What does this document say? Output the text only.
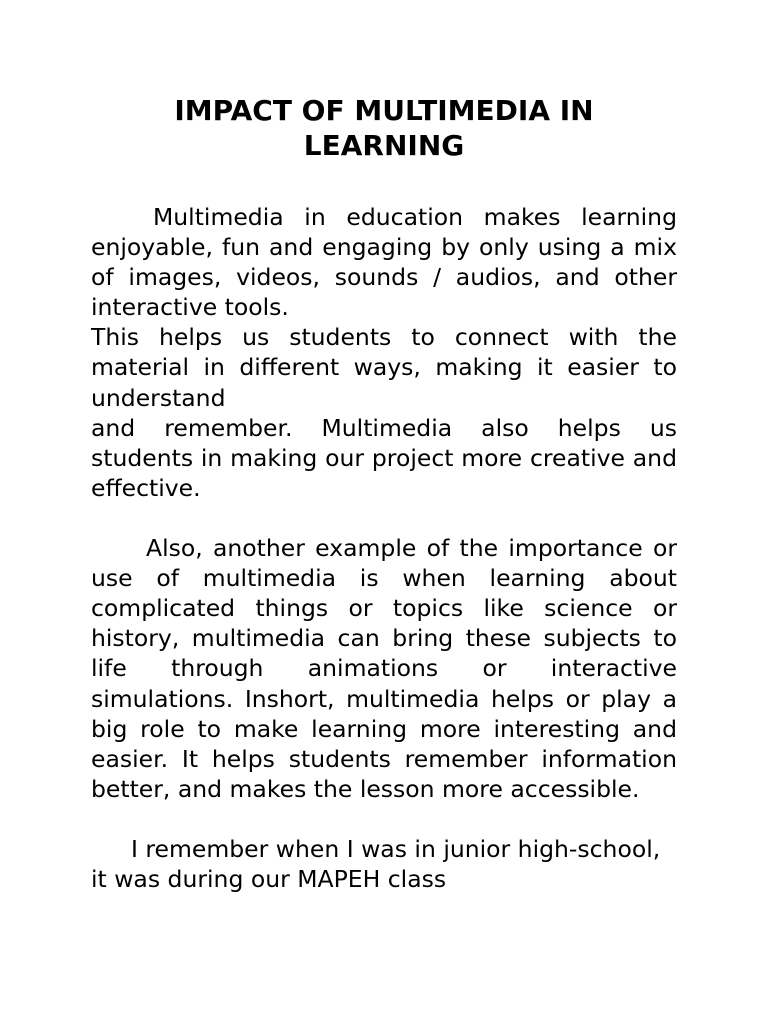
IMPACT OF MULTIMEDIA IN LEARNING

Multimedia in education makes learning enjoyable, fun and engaging by only using a mix of images, videos, sounds / audios, and other interactive tools.

This helps us students to connect with the material in different ways, making it easier to understand

and remember. Multimedia also helps us students in making our project more creative and effective.

Also, another example of the importance or use of multimedia is when learning about complicated things or topics like science or history, multimedia can bring these subjects to life through animations or interactive simulations. Inshort, multimedia helps or play a big role to make learning more interesting and easier. It helps students remember information better, and makes the lesson more accessible.

I remember when I was in junior high-school, it was during our MAPEH class
